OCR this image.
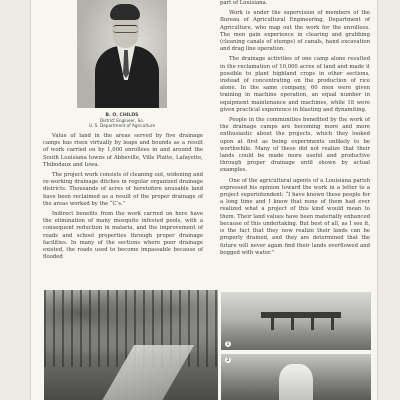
B. O. CHILDS
District Engineer, So.
U. S. Department of Agriculture

Value of land in the areas served by five drainage camps has risen virtually by leaps and bounds as a result of work carried on by 1,000 enrollees in and around the South Louisiana towns of Abbeville, Ville Platte, Lafayette, Thibodaux and Iowa.

The project work consists of cleaning out, widening and re-working drainage ditches in regular organized drainage districts. Thousands of acres of heretofore unusable land have been reclaimed as a result of the proper drainage of the areas worked by the “C’s.”

Indirect benefits from the work carried on here have the elimination of many mosquito infested pools, with a consequent reduction in malaria, and the improvement of roads and school properties through proper drainage facilities. In many of the sections where poor drainage existed, the roads used to become impassable because of flooded

part of Louisiana.

Work is under the supervision of members of the Bureau of Agricultural Engineering, Department of Agriculture, who map out the work for the enrollees. The men gain experience in clearing and grubbing (cleaning canals of stumps) of canals, hand excavation and drag line operation.

The drainage activities of one camp alone resulted in the reclamation of 10,000 acres of land and made it possible to plant highland crops in other sections, instead of concentrating on the production of rice alone. In the same company, 60 men were given training in machine operation, an equal number in equipment maintenance and machines, while 18 were given practical experience in blasting and dynamiting.

People in the communities benefited by the work of the drainage camps are becoming more and more enthusiastic about the projects, which they looked upon at first as being experiments unlikely to be worthwhile. Many of these did not realize that their lands could be made more useful and productive through proper drainage until shown by actual examples.

One of the agricultural agents of a Louisiana parish expressed his opinion toward the work in a letter to a project superintendent: “I have known these people for a long time and I know that none of them had ever realized what a project of this kind would mean to them. Their land values have been materially enhanced because of this undertaking. But best of all, as I see it, is the fact that they now realize their lands can be properly drained, and they are determined that the future will never again find their lands overflowed and bogged with water.”

1
2
